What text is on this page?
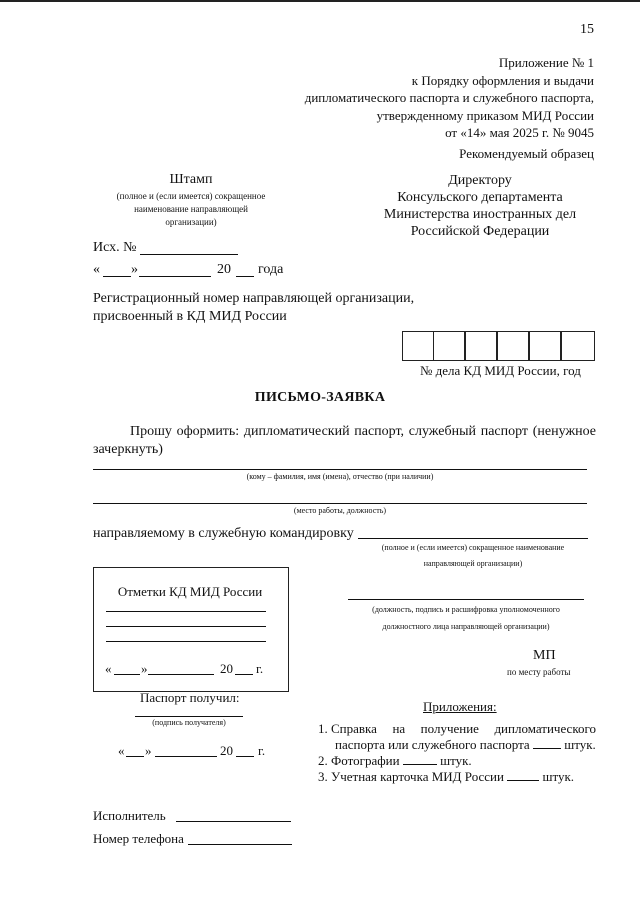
15
Приложение № 1
к Порядку оформления и выдачи
дипломатического паспорта и служебного паспорта,
утвержденному приказом МИД России
от «14» мая 2025 г. № 9045
Рекомендуемый образец
Штамп
(полное и (если имеется) сокращенное
наименование направляющей
организации)
Директору
Консульского департамента
Министерства иностранных дел
Российской Федерации
Исх. №
« »	20 года
Регистрационный номер направляющей организации,
присвоенный в КД МИД России
№ дела КД МИД России, год
ПИСЬМО-ЗАЯВКА
Прошу оформить: дипломатический паспорт, служебный паспорт (ненужное
зачеркнуть)
(кому – фамилия, имя (имена), отчество (при наличии)
(место работы, должность)
направляемому в служебную командировку
(полное и (если имеется) сокращенное наименование
направляющей организации)
Отметки КД МИД России
« »	20 г.
(должность, подпись и расшифровка уполномоченного
должностного лица направляющей организации)
МП
по месту работы
Паспорт получил:
(подпись получателя)
« »	20 г.
Приложения:
1. Справка на получение дипломатического
паспорта или служебного паспорта	штук.
2. Фотографии	штук.
3. Учетная карточка МИД России	штук.
Исполнитель
Номер телефона
